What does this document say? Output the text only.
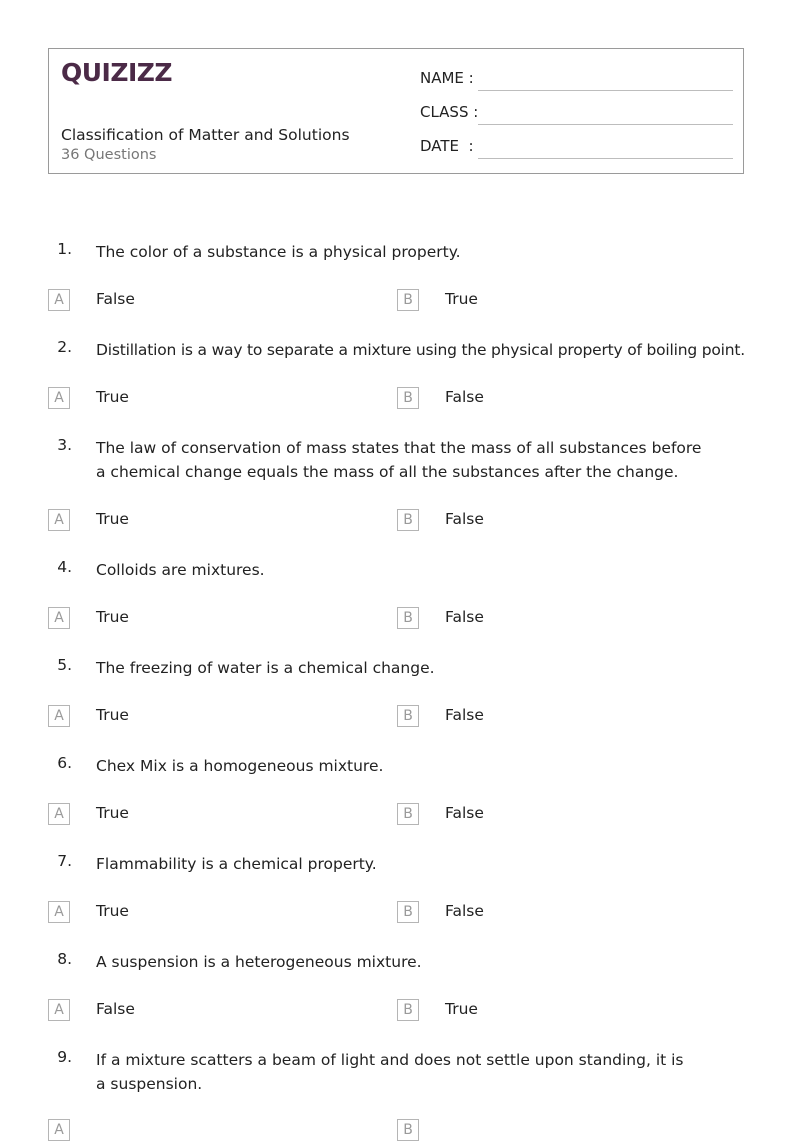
QUIZIZZ
Classification of Matter and Solutions
36 Questions
NAME :
CLASS :
DATE  :
1. The color of a substance is a physical property.
A	False	B	True
2. Distillation is a way to separate a mixture using the physical property of boiling point.
A	True	B	False
3. The law of conservation of mass states that the mass of all substances before
a chemical change equals the mass of all the substances after the change.
A	True	B	False
4. Colloids are mixtures.
A	True	B	False
5. The freezing of water is a chemical change.
A	True	B	False
6. Chex Mix is a homogeneous mixture.
A	True	B	False
7. Flammability is a chemical property.
A	True	B	False
8. A suspension is a heterogeneous mixture.
A	False	B	True
9. If a mixture scatters a beam of light and does not settle upon standing, it is
a suspension.
A	B
